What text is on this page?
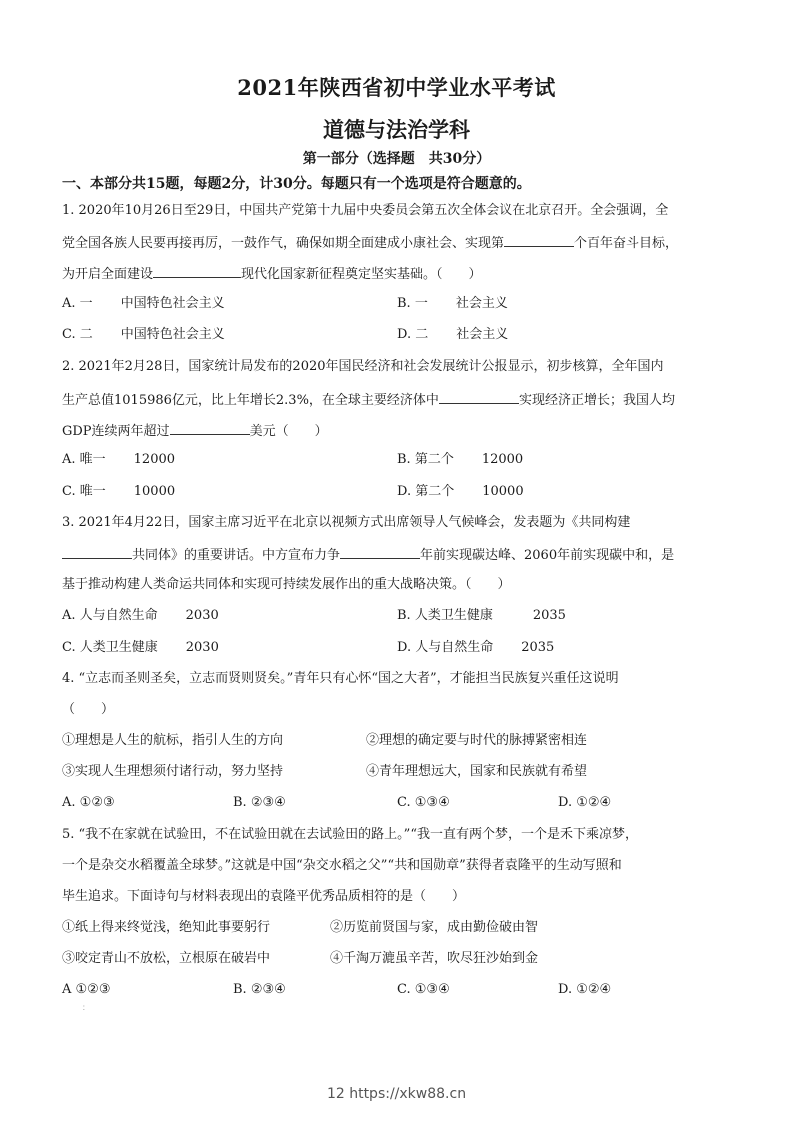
2021年陕西省初中学业水平考试
道德与法治学科
第一部分（选择题　共30分）
一、本部分共15题，每题2分，计30分。每题只有一个选项是符合题意的。
1. 2020年10月26日至29日，中国共产党第十九届中央委员会第五次全体会议在北京召开。全会强调，全
党全国各族人民要再接再厉，一鼓作气，确保如期全面建成小康社会、实现第	个百年奋斗目标，
为开启全面建设	现代化国家新征程奠定坚实基础。（　　）
A. 一 中国特色社会主义	B. 一 社会主义
C. 二 中国特色社会主义	D. 二 社会主义
2. 2021年2月28日，国家统计局发布的2020年国民经济和社会发展统计公报显示，初步核算，全年国内
生产总值1015986亿元，比上年增长2.3%，在全球主要经济体中	实现经济正增长；我国人均
GDP连续两年超过	美元（　　）
A. 唯一 12000	B. 第二个 12000
C. 唯一 10000	D. 第二个 10000
3. 2021年4月22日，国家主席习近平在北京以视频方式出席领导人气候峰会，发表题为《共同构建
共同体》的重要讲话。中方宣布力争	年前实现碳达峰、2060年前实现碳中和，是
基于推动构建人类命运共同体和实现可持续发展作出的重大战略决策。（　　）
A. 人与自然生命 2030	B. 人类卫生健康	2035
C. 人类卫生健康 2030	D. 人与自然生命 2035
4. “立志而圣则圣矣，立志而贤则贤矣。”青年只有心怀“国之大者”，才能担当民族复兴重任这说明
（　　）
①理想是人生的航标，指引人生的方向	②理想的确定要与时代的脉搏紧密相连
③实现人生理想须付诸行动，努力坚持	④青年理想远大，国家和民族就有希望
A. ①②③	B. ②③④	C. ①③④	D. ①②④
5. “我不在家就在试验田，不在试验田就在去试验田的路上。”“我一直有两个梦，一个是禾下乘凉梦，
一个是杂交水稻覆盖全球梦。”这就是中国“杂交水稻之父”“共和国勋章”获得者袁隆平的生动写照和
毕生追求。下面诗句与材料表现出的袁隆平优秀品质相符的是（　　）
①纸上得来终觉浅，绝知此事要躬行	②历览前贤国与家，成由勤俭破由智
③咬定青山不放松，立根原在破岩中	④千淘万漉虽辛苦，吹尽狂沙始到金
A ①②③	B. ②③④	C. ①③④	D. ①②④
：
12 https://xkw88.cn
